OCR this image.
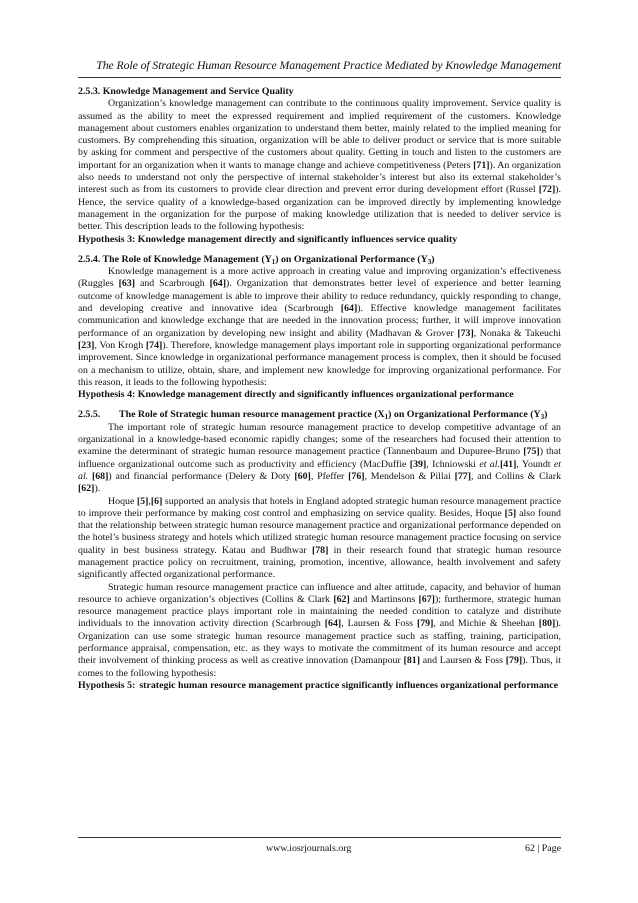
The Role of Strategic Human Resource Management Practice Mediated by Knowledge Management

2.5.3. Knowledge Management and Service Quality

Organization’s knowledge management can contribute to the continuous quality improvement. Service quality is assumed as the ability to meet the expressed requirement and implied requirement of the customers. Knowledge management about customers enables organization to understand them better, mainly related to the implied meaning for customers. By comprehending this situation, organization will be able to deliver product or service that is more suitable by asking for comment and perspective of the customers about quality. Getting in touch and listen to the customers are important for an organization when it wants to manage change and achieve competitiveness (Peters [71]). An organization also needs to understand not only the perspective of internal stakeholder’s interest but also its external stakeholder’s interest such as from its customers to provide clear direction and prevent error during development effort (Russel [72]). Hence, the service quality of a knowledge-based organization can be improved directly by implementing knowledge management in the organization for the purpose of making knowledge utilization that is needed to deliver service is better. This description leads to the following hypothesis:

Hypothesis 3: Knowledge management directly and significantly influences service quality

2.5.4. The Role of Knowledge Management $(Y_1)$ on Organizational Performance $(Y_3)$

Knowledge management is a more active approach in creating value and improving organization’s effectiveness (Ruggles [63] and Scarbrough [64]). Organization that demonstrates better level of experience and better learning outcome of knowledge management is able to improve their ability to reduce redundancy, quickly responding to change, and developing creative and innovative idea (Scarbrough [64]). Effective knowledge management facilitates communication and knowledge exchange that are needed in the innovation process; further, it will improve innovation performance of an organization by developing new insight and ability (Madhavan & Grover [73], Nonaka & Takeuchi [23], Von Krogh [74]). Therefore, knowledge management plays important role in supporting organizational performance improvement. Since knowledge in organizational performance management process is complex, then it should be focused on a mechanism to utilize, obtain, share, and implement new knowledge for improving organizational performance. For this reason, it leads to the following hypothesis:

Hypothesis 4: Knowledge management directly and significantly influences organizational performance

2.5.5.	The Role of Strategic human resource management practice $(X_1)$ on Organizational Performance $(Y_3)$

The important role of strategic human resource management practice to develop competitive advantage of an organizational in a knowledge-based economic rapidly changes; some of the researchers had focused their attention to examine the determinant of strategic human resource management practice (Tannenbaum and Dupuree-Bruno [75]) that influence organizational outcome such as productivity and efficiency (MacDuffie [39], Ichniowski et al.[41], Youndt et al. [68]) and financial performance (Delery & Doty [60], Pfeffer [76], Mendelson & Pillai [77], and Collins & Clark [62]).

Hoque [5],[6] supported an analysis that hotels in England adopted strategic human resource management practice to improve their performance by making cost control and emphasizing on service quality. Besides, Hoque [5] also found that the relationship between strategic human resource management practice and organizational performance depended on the hotel’s business strategy and hotels which utilized strategic human resource management practice focusing on service quality in best business strategy. Katau and Budhwar [78] in their research found that strategic human resource management practice policy on recruitment, training, promotion, incentive, allowance, health involvement and safety significantly affected organizational performance.

Strategic human resource management practice can influence and alter attitude, capacity, and behavior of human resource to achieve organization’s objectives (Collins & Clark [62] and Martinsons [67]); furthermore, strategic human resource management practice plays important role in maintaining the needed condition to catalyze and distribute individuals to the innovation activity direction (Scarbrough [64], Laursen & Foss [79], and Michie & Sheehan [80]). Organization can use some strategic human resource management practice such as staffing, training, participation, performance appraisal, compensation, etc. as they ways to motivate the commitment of its human resource and accept their involvement of thinking process as well as creative innovation (Damanpour [81] and Laursen & Foss [79]). Thus, it comes to the following hypothesis:

Hypothesis 5: strategic human resource management practice significantly influences organizational performance
www.iosrjournals.org	62 | Page
